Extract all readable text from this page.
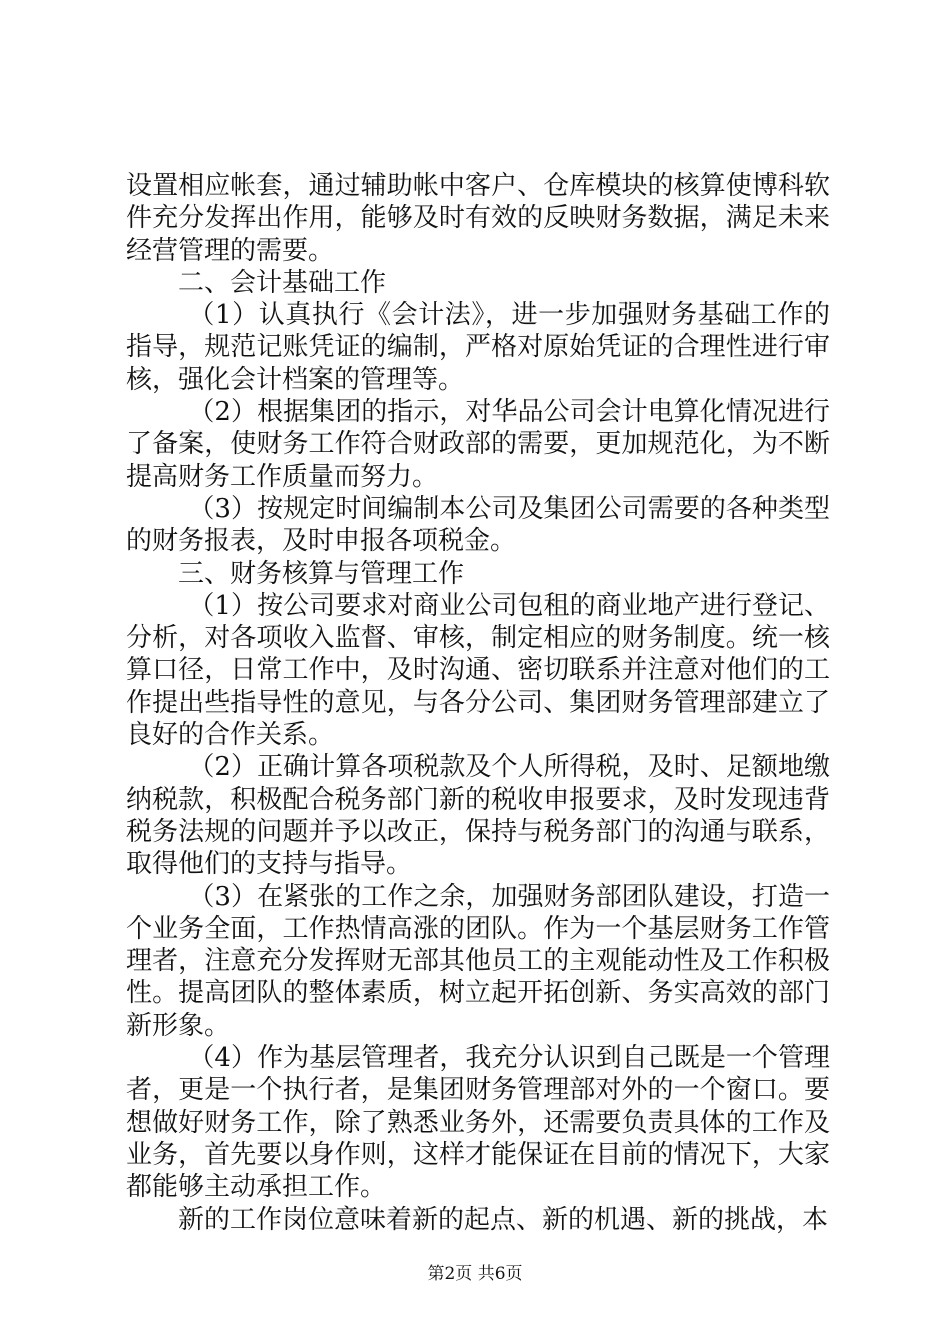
设置相应帐套，通过辅助帐中客户、仓库模块的核算使博科软件充分发挥出作用，能够及时有效的反映财务数据，满足未来经营管理的需要。

二、会计基础工作

（1）认真执行《会计法》，进一步加强财务基础工作的指导，规范记账凭证的编制，严格对原始凭证的合理性进行审核，强化会计档案的管理等。

（2）根据集团的指示，对华品公司会计电算化情况进行了备案，使财务工作符合财政部的需要，更加规范化，为不断提高财务工作质量而努力。

（3）按规定时间编制本公司及集团公司需要的各种类型的财务报表，及时申报各项税金。

三、财务核算与管理工作

（1）按公司要求对商业公司包租的商业地产进行登记、分析，对各项收入监督、审核，制定相应的财务制度。统一核算口径，日常工作中，及时沟通、密切联系并注意对他们的工作提出些指导性的意见，与各分公司、集团财务管理部建立了良好的合作关系。

（2）正确计算各项税款及个人所得税，及时、足额地缴纳税款，积极配合税务部门新的税收申报要求，及时发现违背税务法规的问题并予以改正，保持与税务部门的沟通与联系，取得他们的支持与指导。

（3）在紧张的工作之余，加强财务部团队建设，打造一个业务全面，工作热情高涨的团队。作为一个基层财务工作管理者，注意充分发挥财无部其他员工的主观能动性及工作积极性。提高团队的整体素质，树立起开拓创新、务实高效的部门新形象。

（4）作为基层管理者，我充分认识到自己既是一个管理者，更是一个执行者，是集团财务管理部对外的一个窗口。要想做好财务工作，除了熟悉业务外，还需要负责具体的工作及业务，首先要以身作则，这样才能保证在目前的情况下，大家都能够主动承担工作。

新的工作岗位意味着新的起点、新的机遇、新的挑战，本

第2页 共6页
